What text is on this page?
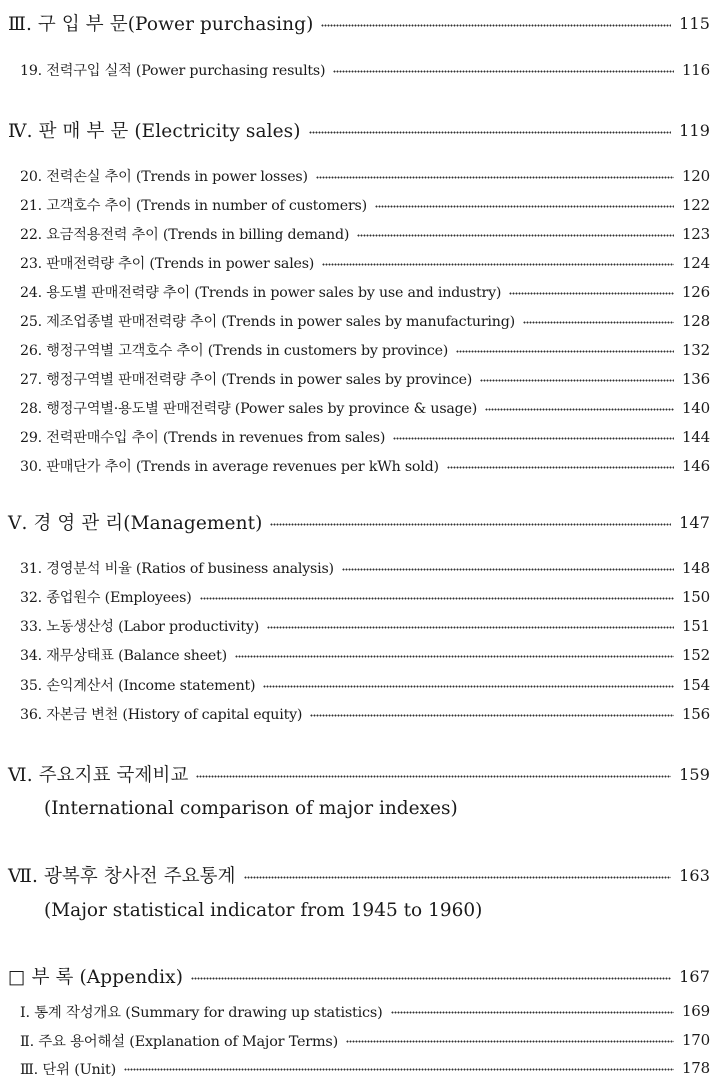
Ⅲ. 구 입 부 문(Power purchasing)	115
19. 전력구입 실적 (Power purchasing results)	116
Ⅳ. 판 매 부 문 (Electricity sales)	119
20. 전력손실 추이 (Trends in power losses)	120
21. 고객호수 추이 (Trends in number of customers)	122
22. 요금적용전력 추이 (Trends in billing demand)	123
23. 판매전력량 추이 (Trends in power sales)	124
24. 용도별 판매전력량 추이 (Trends in power sales by use and industry)	126
25. 제조업종별 판매전력량 추이 (Trends in power sales by manufacturing)	128
26. 행정구역별 고객호수 추이 (Trends in customers by province)	132
27. 행정구역별 판매전력량 추이 (Trends in power sales by province)	136
28. 행정구역별·용도별 판매전력량 (Power sales by province & usage)	140
29. 전력판매수입 추이 (Trends in revenues from sales)	144
30. 판매단가 추이 (Trends in average revenues per kWh sold)	146
Ⅴ. 경 영 관 리(Management)	147
31. 경영분석 비율 (Ratios of business analysis)	148
32. 종업원수 (Employees)	150
33. 노동생산성 (Labor productivity)	151
34. 재무상태표 (Balance sheet)	152
35. 손익계산서 (Income statement)	154
36. 자본금 변천 (History of capital equity)	156
Ⅵ. 주요지표 국제비교	159
(International comparison of major indexes)
Ⅶ. 광복후 창사전 주요통계	163
(Major statistical indicator from 1945 to 1960)
□ 부 록 (Appendix)	167
Ⅰ. 통계 작성개요 (Summary for drawing up statistics)	169
Ⅱ. 주요 용어해설 (Explanation of Major Terms)	170
Ⅲ. 단위 (Unit)	178
